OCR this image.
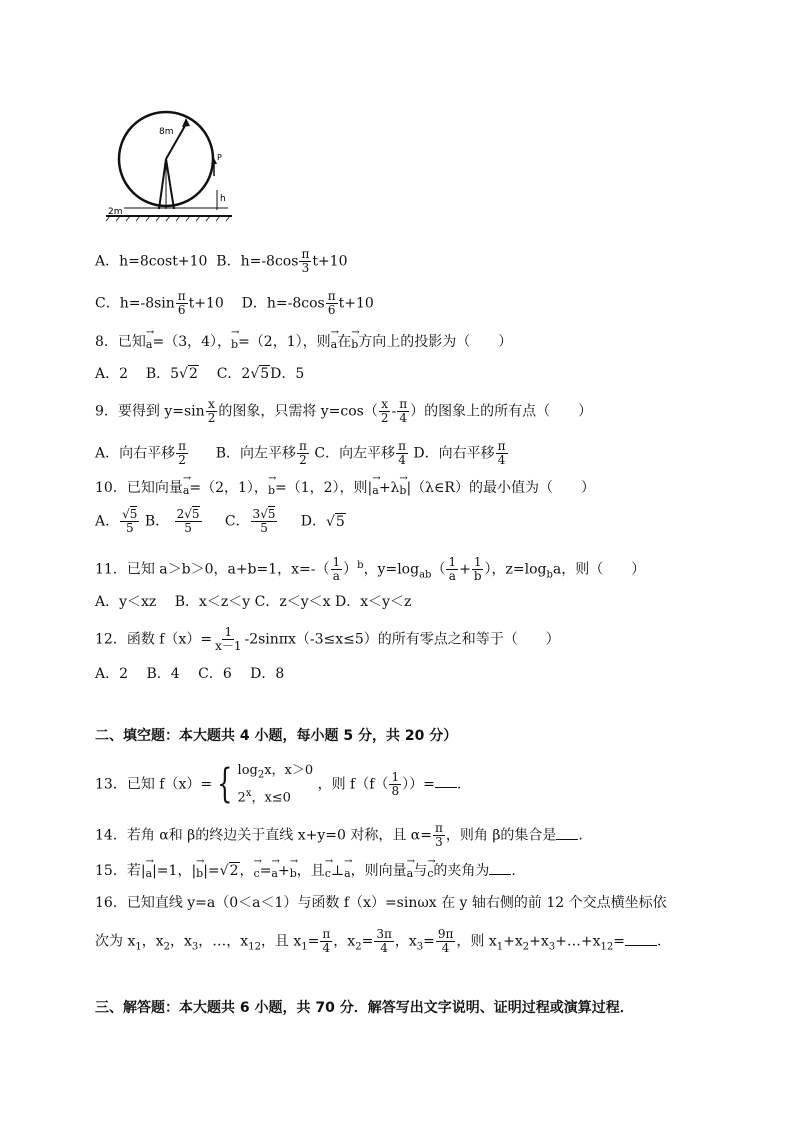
8m
P
h
2m
A．h=8cost+10 B．$h=-8\cos \frac{\pi}{3} t+10$
C．$h=-8\sin \frac{\pi}{6} t+10$ D．$h=-8\cos \frac{\pi}{6} t+10$
8．已知→ a=（3，4），→ b=（2，1），则→ a在→ b方向上的投影为（　　）
A．2 B．5√2 C．2√5D．5
9．要得到 $y=\sin \frac{x}{2}$ 的图象，只需将 $y=\cos( \frac{x}{2} - \frac{\pi}{4}$ ）的图象上的所有点（　　）
A．向右平移 $\frac{\pi}{2}$ B．向左平移 $\frac{\pi}{2}$ C．向左平移 $\frac{\pi}{4}$ D．向右平移 $\frac{\pi}{4}$
10．已知向量→ a=（2，1），→ b=（1，2），则|→ a+λ→ b|（λ∈R）的最小值为（　　）
A． $\frac{√5}{5}$ B． $\frac{2√5}{5}$ C． $\frac{3√5}{5}$ D．√5
11．已知 a＞b＞0，a+b=1，$x=-( \frac{1}{a} )^b$，$y=\log_{ab}( \frac{1}{a} + \frac{1}{b}$ ），$z=\log_ba$，则（　　）
A．y＜xz　 B．x＜z＜y C．z＜y＜x D．x＜y＜z
12．函数 $f(x)= \frac{1}{x-1} -2\sin\pi x(-3\le x\le 5)$的所有零点之和等于（　　）
A．2　 B．4　 C．6　 D．8
二、填空题：本大题共 4 小题，每小题 5 分，共 20 分）
13．已知 f（x）= { $\log_2x$，x＞0
2$^x$，x≤0
，则 $f(f( \frac{1}{8}$ ））= .
14．若角 α和 β的终边关于直线 x+y=0 对称，且 $\alpha= \frac{\pi}{3}$ ，则角 β的集合是 .
15．若|→ a|=1，|→ b|=√2，→ c=→ a+→ b，且→ c⊥→ a，则向量→ a与→ c的夹角为 .
16．已知直线 y=a（0＜a＜1）与函数 f（x）=sinωx 在 y 轴右侧的前 12 个交点横坐标依
次为 $x_1$，$x_2$，$x_3$，…，$x_{12}$，且 $x_1= \frac{\pi}{4}$ ，$x_2= \frac{3\pi}{4}$ ，$x_3= \frac{9\pi}{4}$ ，则 $x_1+x_2+x_3+\dots+x_{12}=$ .
三、解答题：本大题共 6 小题，共 70 分．解答写出文字说明、证明过程或演算过程．
